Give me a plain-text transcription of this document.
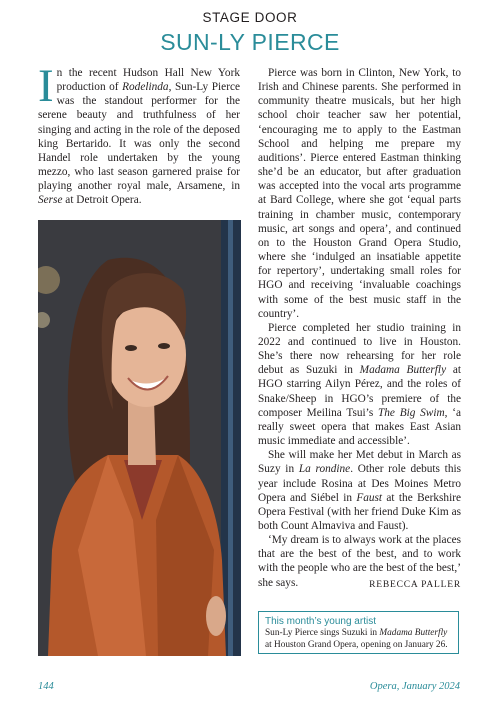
STAGE DOOR
SUN-LY PIERCE

In the recent Hudson Hall New York production of Rodelinda, Sun-Ly Pierce was the standout performer for the serene beauty and truthfulness of her singing and acting in the role of the deposed king Bertarido. It was only the second Handel role undertaken by the young mezzo, who last season garnered praise for playing another royal male, Arsamene, in Serse at Detroit Opera.

Pierce was born in Clinton, New York, to Irish and Chinese parents. She performed in community theatre musicals, but her high school choir teacher saw her potential, ‘encouraging me to apply to the Eastman School and helping me prepare my auditions’. Pierce entered Eastman thinking she’d be an educator, but after graduation was accepted into the vocal arts programme at Bard College, where she got ‘equal parts training in chamber music, contemporary music, art songs and opera’, and continued on to the Houston Grand Opera Studio, where she ‘indulged an insatiable appetite for repertory’, undertaking small roles for HGO and receiving ‘invaluable coachings with some of the best music staff in the country’.

Pierce completed her studio training in 2022 and continued to live in Houston. She’s there now rehearsing for her role debut as Suzuki in Madama Butterfly at HGO starring Ailyn Pérez, and the roles of Snake/Sheep in HGO’s premiere of the composer Meilina Tsui’s The Big Swim, ‘a really sweet opera that makes East Asian music immediate and accessible’.

She will make her Met debut in March as Suzy in La rondine. Other role debuts this year include Rosina at Des Moines Metro Opera and Siébel in Faust at the Berkshire Opera Festival (with her friend Duke Kim as both Count Almaviva and Faust).

‘My dream is to always work at the places that are the best of the best, and to work with the people who are the best of the best,’ she says.	REBECCA PALLER

This month’s young artist
Sun-Ly Pierce sings Suzuki in Madama Butterfly at Houston Grand Opera, opening on January 26.
144	Opera, January 2024
